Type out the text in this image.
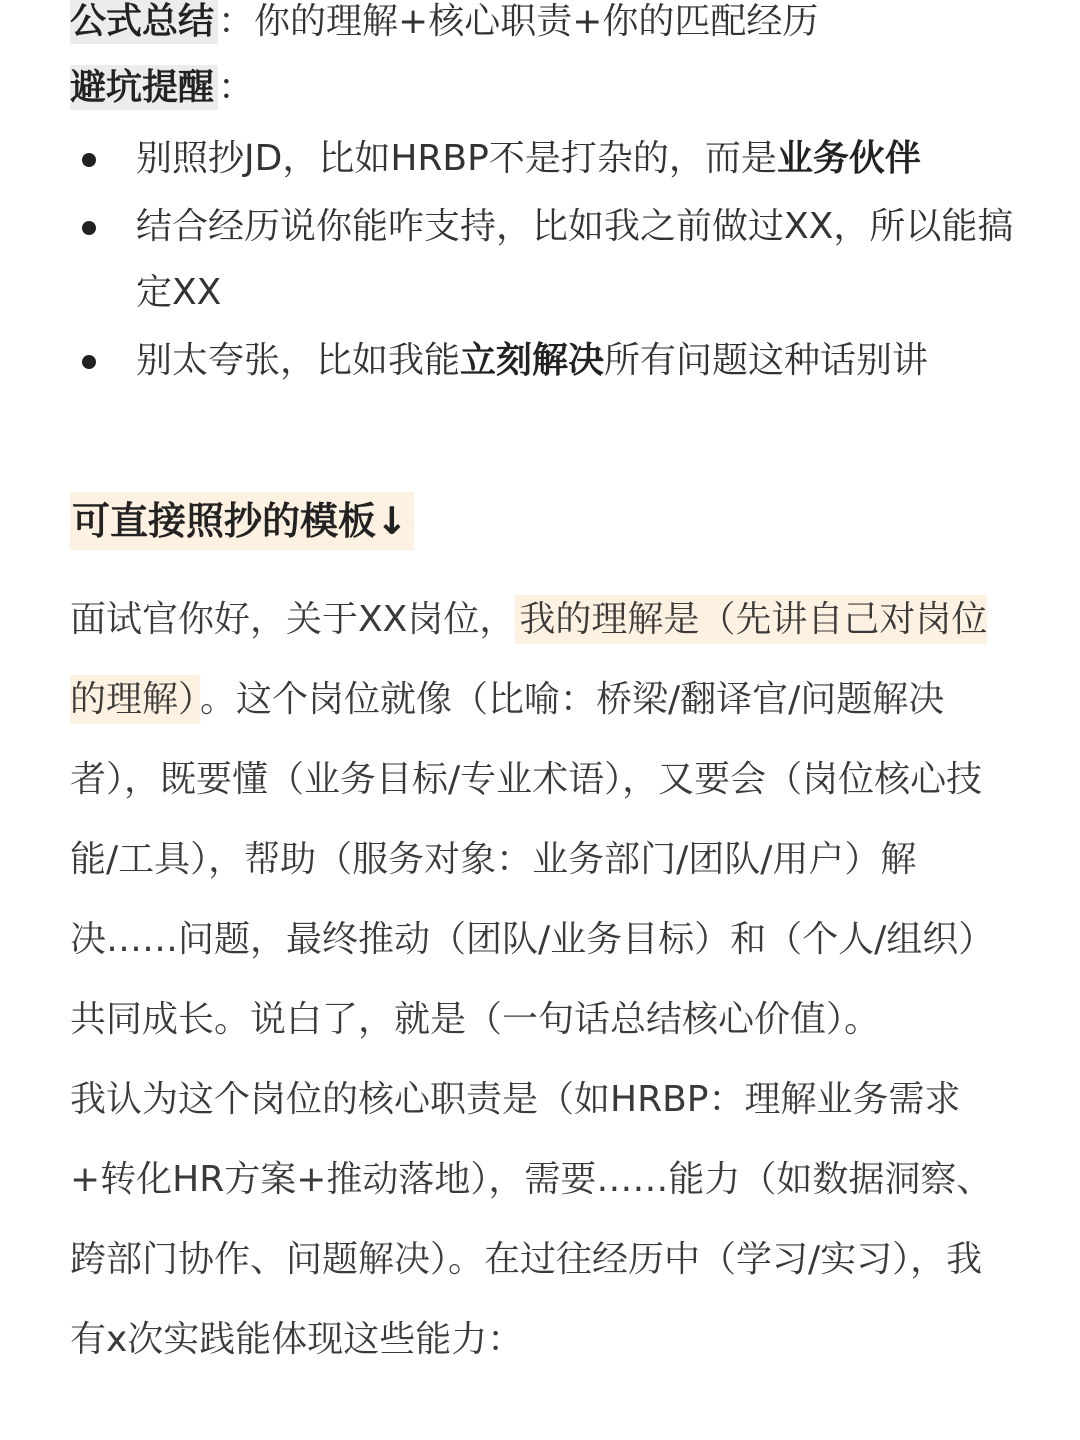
公式总结 ：你的理解+核心职责+你的匹配经历
避坑提醒 ：
别照抄JD，比如HRBP不是打杂的，而是业务伙伴
结合经历说你能咋支持，比如我之前做过XX，所以能搞定XX
别太夸张，比如我能立刻解决所有问题这种话别讲
可直接照抄的模板↓

面试官你好，关于XX岗位， 我的理解是（先讲自己对岗位的理解） 。这个岗位就像（比喻：桥梁/翻译官/问题解决者），既要懂（业务目标/专业术语），又要会（岗位核心技能/工具），帮助（服务对象：业务部门/团队/用户）解决……问题，最终推动（团队/业务目标）和（个人/组织）共同成长。说白了，就是（一句话总结核心价值）。

我认为这个岗位的核心职责是（如HRBP：理解业务需求+转化HR方案+推动落地），需要……能力（如数据洞察、跨部门协作、问题解决）。在过往经历中（学习/实习），我有x次实践能体现这些能力：
